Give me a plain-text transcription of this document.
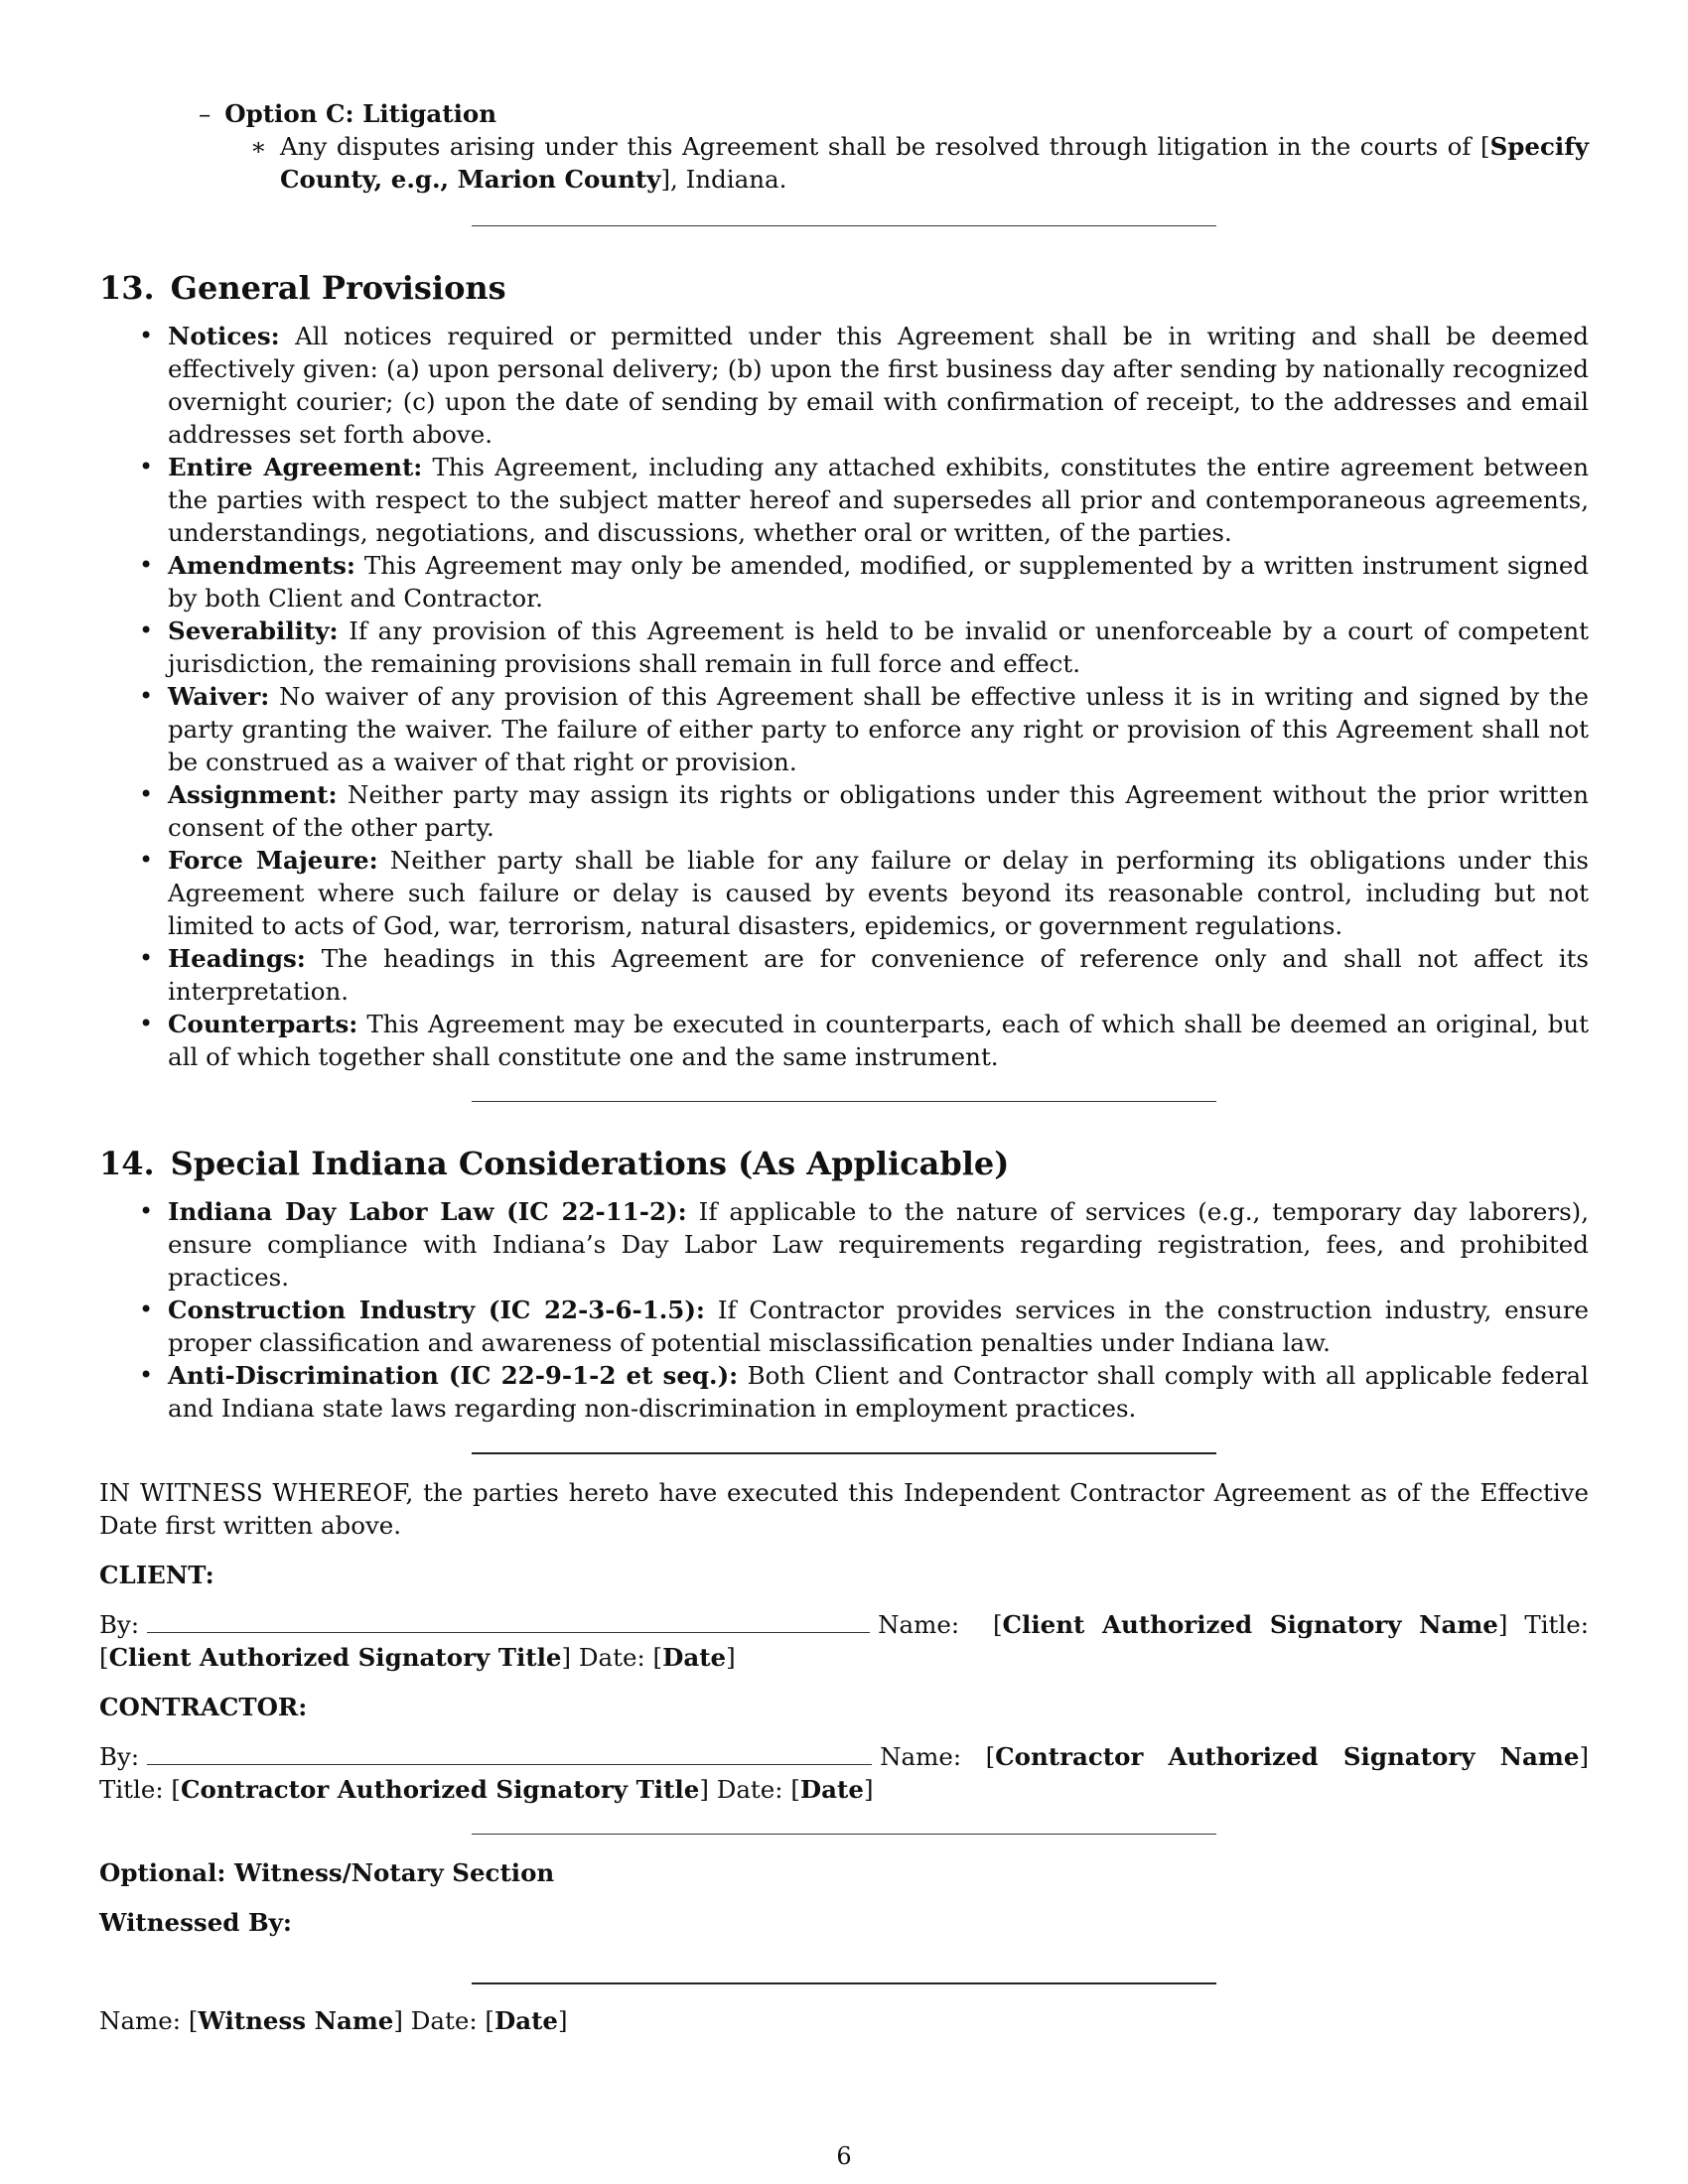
– Option C: Litigation
∗ Any disputes arising under this Agreement shall be resolved through litigation in the courts of [Specify County, e.g., Marion County], Indiana.
13. General Provisions
• Notices: All notices required or permitted under this Agreement shall be in writing and shall be deemed effectively given: (a) upon personal delivery; (b) upon the first business day after sending by nationally recognized overnight courier; (c) upon the date of sending by email with confirmation of receipt, to the addresses and email addresses set forth above.
• Entire Agreement: This Agreement, including any attached exhibits, constitutes the entire agreement between the parties with respect to the subject matter hereof and supersedes all prior and contemporaneous agreements, understandings, negotiations, and discussions, whether oral or written, of the parties.
• Amendments: This Agreement may only be amended, modified, or supplemented by a written instrument signed by both Client and Contractor.
• Severability: If any provision of this Agreement is held to be invalid or unenforceable by a court of competent jurisdiction, the remaining provisions shall remain in full force and effect.
• Waiver: No waiver of any provision of this Agreement shall be effective unless it is in writing and signed by the party granting the waiver. The failure of either party to enforce any right or provision of this Agreement shall not be construed as a waiver of that right or provision.
• Assignment: Neither party may assign its rights or obligations under this Agreement without the prior written consent of the other party.
• Force Majeure: Neither party shall be liable for any failure or delay in performing its obligations under this Agreement where such failure or delay is caused by events beyond its reasonable control, including but not limited to acts of God, war, terrorism, natural disasters, epidemics, or government regulations.
• Headings: The headings in this Agreement are for convenience of reference only and shall not affect its interpretation.
• Counterparts: This Agreement may be executed in counterparts, each of which shall be deemed an original, but all of which together shall constitute one and the same instrument.
14. Special Indiana Considerations (As Applicable)
• Indiana Day Labor Law (IC 22-11-2): If applicable to the nature of services (e.g., temporary day laborers), ensure compliance with Indiana’s Day Labor Law requirements regarding registration, fees, and prohibited practices.
• Construction Industry (IC 22-3-6-1.5): If Contractor provides services in the construction industry, ensure proper classification and awareness of potential misclassification penalties under Indiana law.
• Anti-Discrimination (IC 22-9-1-2 et seq.): Both Client and Contractor shall comply with all applicable federal and Indiana state laws regarding non-discrimination in employment practices.

IN WITNESS WHEREOF, the parties hereto have executed this Independent Contractor Agreement as of the Effective Date first written above.

CLIENT:

By:	Name:  [Client Authorized Signatory Name] Title: [Client Authorized Signatory Title] Date: [Date]

CONTRACTOR:

By:	Name: [Contractor Authorized Signatory Name] Title: [Contractor Authorized Signatory Title] Date: [Date]

Optional: Witness/Notary Section

Witnessed By:

Name: [Witness Name] Date: [Date]

6
